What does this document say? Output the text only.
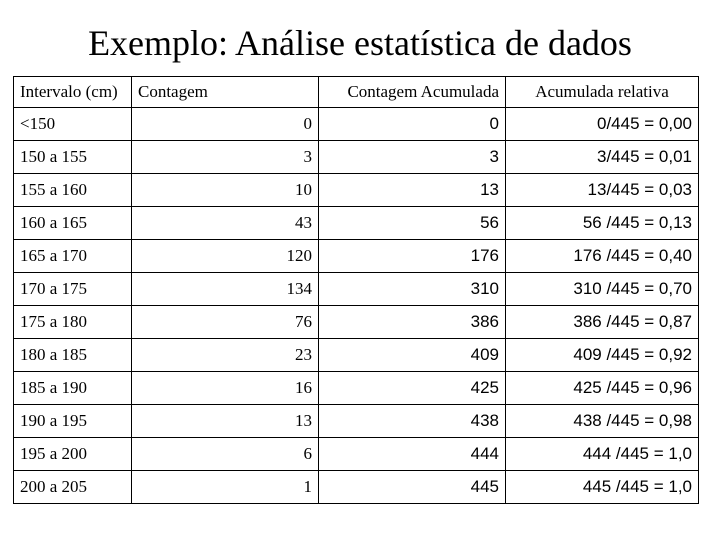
Exemplo: Análise estatística de dados
Intervalo (cm)	Contagem	Contagem Acumulada	Acumulada relativa
<150	0	0	0/445 = 0,00
150 a 155	3	3	3/445 = 0,01
155 a 160	10	13	13/445 = 0,03
160 a 165	43	56	56 /445 = 0,13
165 a 170	120	176	176 /445 = 0,40
170 a 175	134	310	310 /445 = 0,70
175 a 180	76	386	386 /445 = 0,87
180 a 185	23	409	409 /445 = 0,92
185 a 190	16	425	425 /445 = 0,96
190 a 195	13	438	438 /445 = 0,98
195 a 200	6	444	444 /445 = 1,0
200 a 205	1	445	445 /445 = 1,0
